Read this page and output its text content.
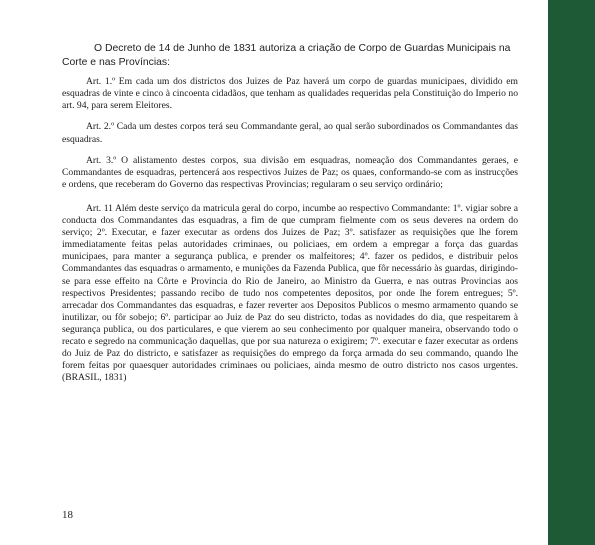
O Decreto de 14 de Junho de 1831 autoriza a criação de Corpo de Guardas Municipais na Corte e nas Províncias:

Art. 1.º Em cada um dos districtos dos Juizes de Paz haverá um corpo de guardas municipaes, dividido em esquadras de vinte e cinco à cincoenta cidadãos, que tenham as qualidades requeridas pela Constituição do Imperio no art. 94, para serem Eleitores.

Art. 2.º Cada um destes corpos terá seu Commandante geral, ao qual serão subordinados os Commandantes das esquadras.

Art. 3.º O alistamento destes corpos, sua divisão em esquadras, nomeação dos Commandantes geraes, e Commandantes de esquadras, pertencerá aos respectivos Juizes de Paz; os quaes, conformando-se com as instrucções e ordens, que receberam do Governo das respectivas Provincias; regularam o seu serviço ordinário;

Art. 11 Além deste serviço da matricula geral do corpo, incumbe ao respectivo Commandante: 1º. vigiar sobre a conducta dos Commandantes das esquadras, a fim de que cumpram fielmente com os seus deveres na ordem do serviço; 2º. Executar, e fazer executar as ordens dos Juizes de Paz; 3º. satisfazer as requisições que lhe forem immediatamente feitas pelas autoridades criminaes, ou policiaes, em ordem a empregar a força das guardas municipaes, para manter a segurança publica, e prender os malfeitores; 4º. fazer os pedidos, e distribuir pelos Commandantes das esquadras o armamento, e munições da Fazenda Publica, que fôr necessário às guardas, dirigindo-se para esse effeito na Côrte e Provincia do Rio de Janeiro, ao Ministro da Guerra, e nas outras Provincias aos respectivos Presidentes; passando recibo de tudo nos competentes depositos, por onde lhe forem entregues; 5º. arrecadar dos Commandantes das esquadras, e fazer reverter aos Depositos Publicos o mesmo armamento quando se inutilizar, ou fôr sobejo; 6º. participar ao Juiz de Paz do seu districto, todas as novidades do dia, que respeitarem à segurança publica, ou dos particulares, e que vierem ao seu conhecimento por qualquer maneira, observando todo o recato e segredo na communicação daquellas, que por sua natureza o exigirem; 7º. executar e fazer executar as ordens do Juiz de Paz do districto, e satisfazer as requisições do emprego da força armada do seu commando, quando lhe forem feitas por quaesquer autoridades criminaes ou policiaes, ainda mesmo de outro districto nos casos urgentes. (BRASIL, 1831)

18
